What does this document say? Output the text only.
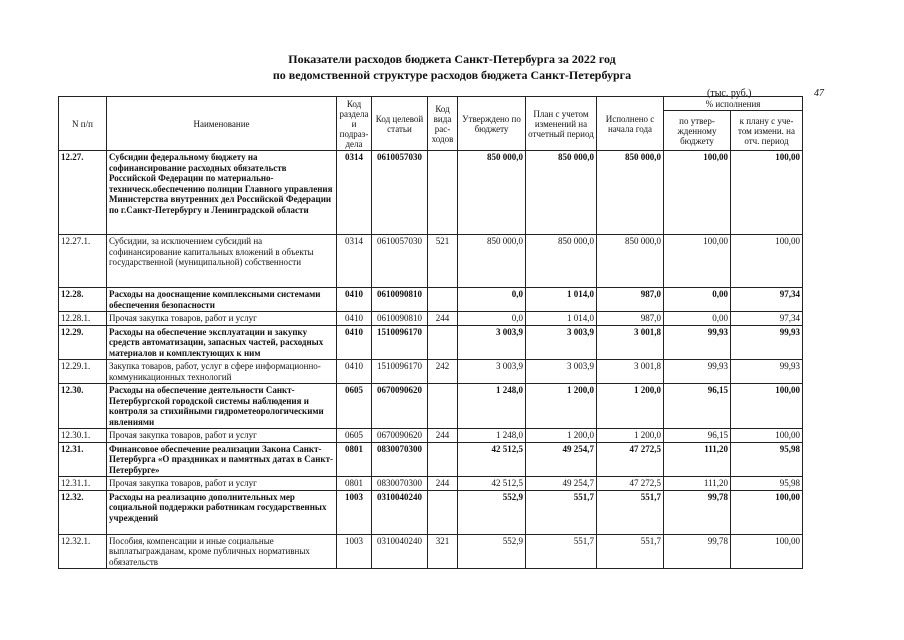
Показатели расходов бюджета Санкт-Петербурга за 2022 год
по ведомственной структуре расходов бюджета Санкт-Петербурга
(тыс. руб.)	47
N п/п	Наименование	Код раздела и подраз-дела	Код целевой статьи	Код вида рас-ходов	Утверждено по бюджету	План с учетом изменений на отчетный период	Исполнено с начала года	% исполнения	
								по утвер-жденному бюджету	к плану с уче-том измени. на отч. период
12.27.	Субсидии федеральному бюджету на софинансирование расходных обязательств Российской Федерации по материально-техническ.обеспечению полиции Главного управления Министерства внутренних дел Российской Федерации по г.Санкт-Петербургу и Ленинградской области	0314	0610057030		850 000,0	850 000,0	850 000,0	100,00	100,00
12.27.1.	Субсидии, за исключением субсидий на софинансирование капитальных вложений в объекты государственной (муниципальной) собственности	0314	0610057030	521	850 000,0	850 000,0	850 000,0	100,00	100,00
12.28.	Расходы на дооснащение комплексными системами обеспечения безопасности	0410	0610090810		0,0	1 014,0	987,0	0,00	97,34
12.28.1.	Прочая закупка товаров, работ и услуг	0410	0610090810	244	0,0	1 014,0	987,0	0,00	97,34
12.29.	Расходы на обеспечение эксплуатации и закупку средств автоматизации, запасных частей, расходных материалов и комплектующих к ним	0410	1510096170		3 003,9	3 003,9	3 001,8	99,93	99,93
12.29.1.	Закупка товаров, работ, услуг в сфере информационно-коммуникационных технологий	0410	1510096170	242	3 003,9	3 003,9	3 001,8	99,93	99,93
12.30.	Расходы на обеспечение деятельности Санкт-Петербургской городской системы наблюдения и контроля за стихийными гидрометеорологическими явлениями	0605	0670090620		1 248,0	1 200,0	1 200,0	96,15	100,00
12.30.1.	Прочая закупка товаров, работ и услуг	0605	0670090620	244	1 248,0	1 200,0	1 200,0	96,15	100,00
12.31.	Финансовое обеспечение реализации Закона Санкт-Петербурга «О праздниках и памятных датах в Санкт-Петербурге»	0801	0830070300		42 512,5	49 254,7	47 272,5	111,20	95,98
12.31.1.	Прочая закупка товаров, работ и услуг	0801	0830070300	244	42 512,5	49 254,7	47 272,5	111,20	95,98
12.32.	Расходы на реализацию дополнительных мер социальной поддержки работникам государственных учреждений	1003	0310040240		552,9	551,7	551,7	99,78	100,00
12.32.1.	Пособия, компенсации и иные социальные выплатыгражданам, кроме публичных нормативных обязательств	1003	0310040240	321	552,9	551,7	551,7	99,78	100,00
